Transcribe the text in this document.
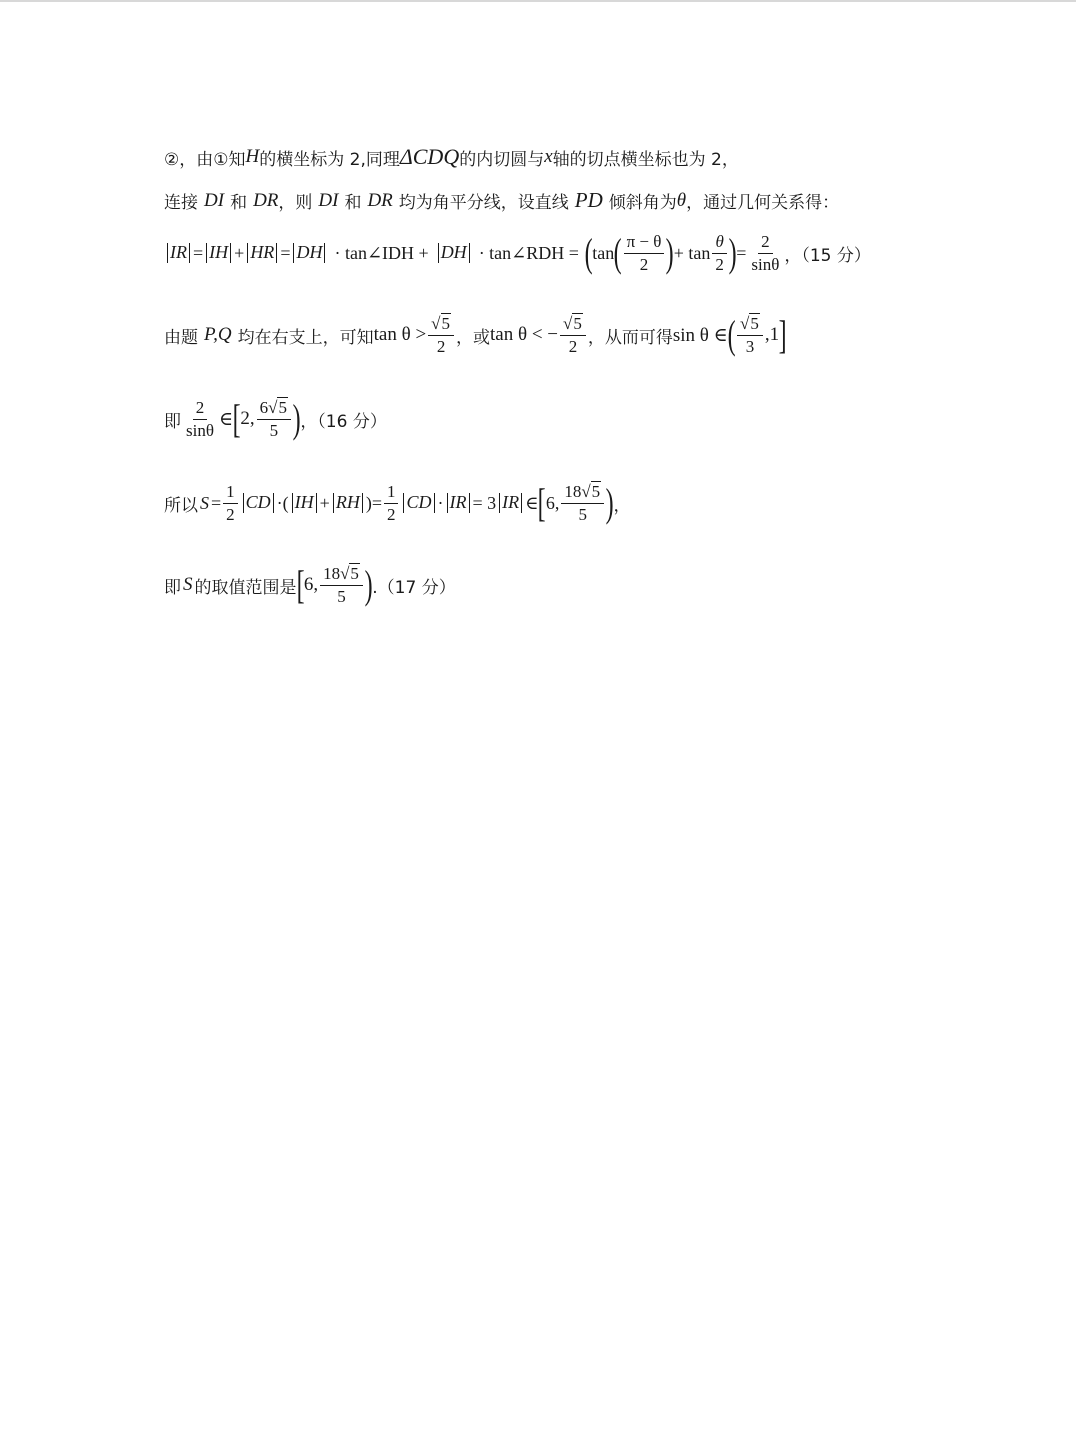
②，由①知 H 的横坐标为 2,同理 ΔCDQ 的内切圆与 x 轴的切点横坐标也为 2，
连接 DI 和 DR ，则 DI 和 DR 均为角平分线，设直线 PD 倾斜角为 θ ，通过几何关系得：
IR = IH + HR = DH · tan∠IDH + DH · tan∠RDH = ( tan ( $\frac{\pi - \theta}{2}$ ) + $\tan \frac{\theta}{2}$ ) = $\frac{2}{\sin\theta}$ ，（15 分）
由题 P,Q 均在右支上，可知 $\tan \theta > \frac{√5}{2}$ ，或 tan θ < − $\frac{√5}{2}$ ，从而可得 sin θ ∈ ( $\frac{√5}{3} ,1$ ]
即 $\frac{2}{\sin\theta}$ ∈ [ 2, $\frac{6√5}{5}$ ) ，（16 分）
所以 $S = \frac{1}{2}$ CD ·( IH + RH ) = $\frac{1}{2}$ CD · IR = 3 IR ∈ [ 6, $\frac{18√5}{5}$ ) ，
即 S 的取值范围是 [ 6, $\frac{18√5}{5}$ ) .（17 分）
